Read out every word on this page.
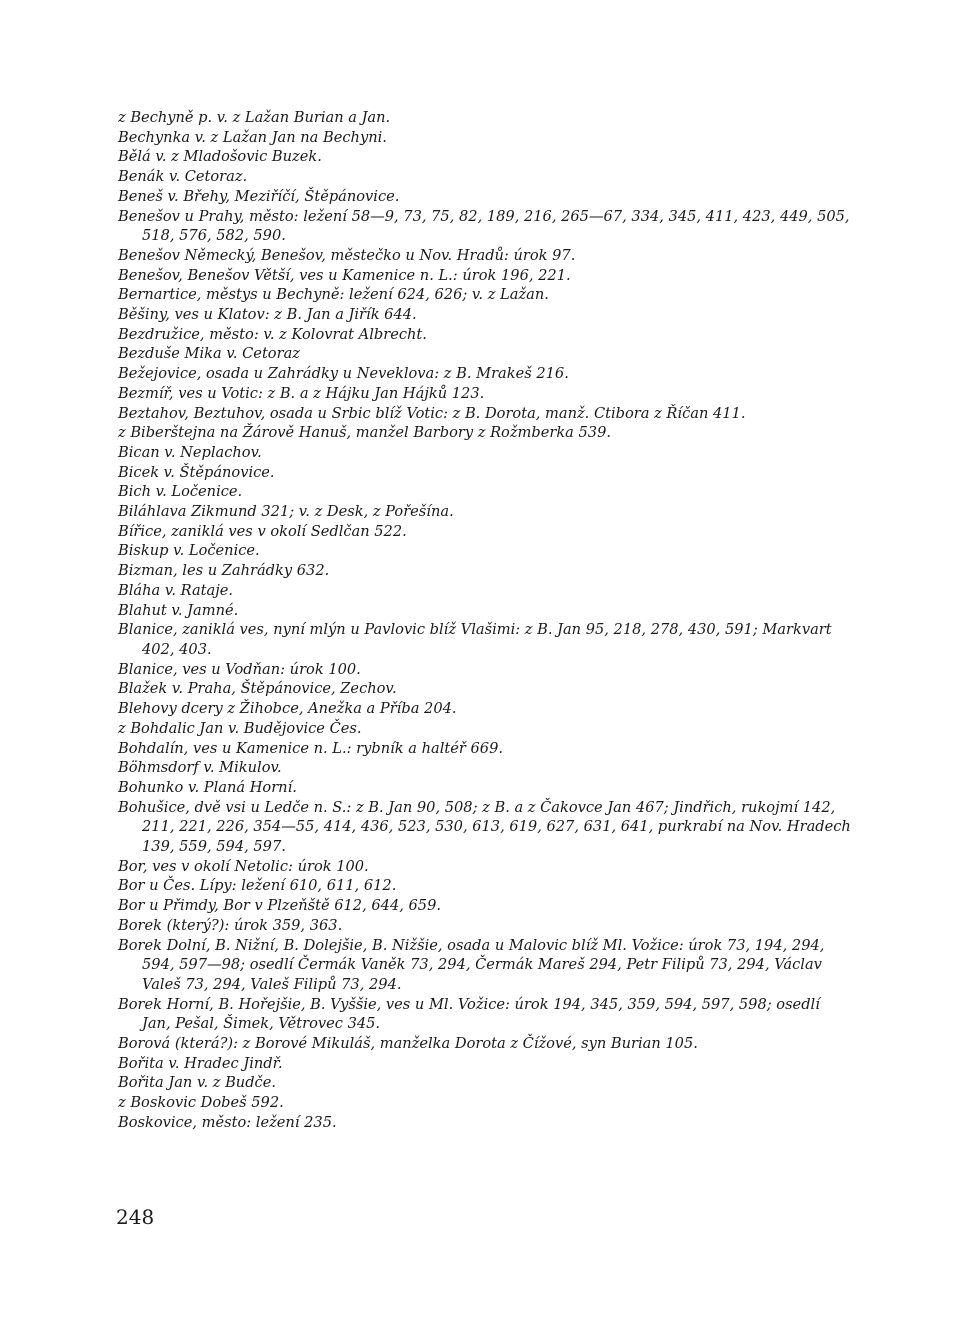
z Bechyně p. v. z Lažan Burian a Jan.

Bechynka v. z Lažan Jan na Bechyni.

Bělá v. z Mladošovic Buzek.

Benák v. Cetoraz.

Beneš v. Břehy, Meziříčí, Štěpánovice.

Benešov u Prahy, město: ležení 58—9, 73, 75, 82, 189, 216, 265—67, 334, 345, 411, 423, 449, 505, 518, 576, 582, 590.

Benešov Německý, Benešov, městečko u Nov. Hradů: úrok 97.

Benešov, Benešov Větší, ves u Kamenice n. L.: úrok 196, 221.

Bernartice, městys u Bechyně: ležení 624, 626; v. z Lažan.

Běšiny, ves u Klatov: z B. Jan a Jiřík 644.

Bezdružice, město: v. z Kolovrat Albrecht.

Bezduše Mika v. Cetoraz

Bežejovice, osada u Zahrádky u Neveklova: z B. Mrakeš 216.

Bezmíř, ves u Votic: z B. a z Hájku Jan Hájků 123.

Beztahov, Beztuhov, osada u Srbic blíž Votic: z B. Dorota, manž. Ctibora z Říčan 411.

z Biberštejna na Žárově Hanuš, manžel Barbory z Rožmberka 539.

Bican v. Neplachov.

Bicek v. Štěpánovice.

Bich v. Ločenice.

Biláhlava Zikmund 321; v. z Desk, z Pořešína.

Bířice, zaniklá ves v okolí Sedlčan 522.

Biskup v. Ločenice.

Bizman, les u Zahrádky 632.

Bláha v. Rataje.

Blahut v. Jamné.

Blanice, zaniklá ves, nyní mlýn u Pavlovic blíž Vlašimi: z B. Jan 95, 218, 278, 430, 591; Markvart 402, 403.

Blanice, ves u Vodňan: úrok 100.

Blažek v. Praha, Štěpánovice, Zechov.

Blehovy dcery z Žihobce, Anežka a Příba 204.

z Bohdalic Jan v. Budějovice Čes.

Bohdalín, ves u Kamenice n. L.: rybník a haltéř 669.

Böhmsdorf v. Mikulov.

Bohunko v. Planá Horní.

Bohušice, dvě vsi u Ledče n. S.: z B. Jan 90, 508; z B. a z Čakovce Jan 467; Jindřich, rukojmí 142, 211, 221, 226, 354—55, 414, 436, 523, 530, 613, 619, 627, 631, 641, purkrabí na Nov. Hradech 139, 559, 594, 597.

Bor, ves v okolí Netolic: úrok 100.

Bor u Čes. Lípy: ležení 610, 611, 612.

Bor u Přimdy, Bor v Plzeňště 612, 644, 659.

Borek (který?): úrok 359, 363.

Borek Dolní, B. Nižní, B. Dolejšie, B. Nižšie, osada u Malovic blíž Ml. Vožice: úrok 73, 194, 294, 594, 597—98; osedlí Čermák Vaněk 73, 294, Čermák Mareš 294, Petr Filipů 73, 294, Václav Valeš 73, 294, Valeš Filipů 73, 294.

Borek Horní, B. Hořejšie, B. Vyššie, ves u Ml. Vožice: úrok 194, 345, 359, 594, 597, 598; osedlí Jan, Pešal, Šimek, Větrovec 345.

Borová (která?): z Borové Mikuláš, manželka Dorota z Čížové, syn Burian 105.

Bořita v. Hradec Jindř.

Bořita Jan v. z Budče.

z Boskovic Dobeš 592.

Boskovice, město: ležení 235.

248
